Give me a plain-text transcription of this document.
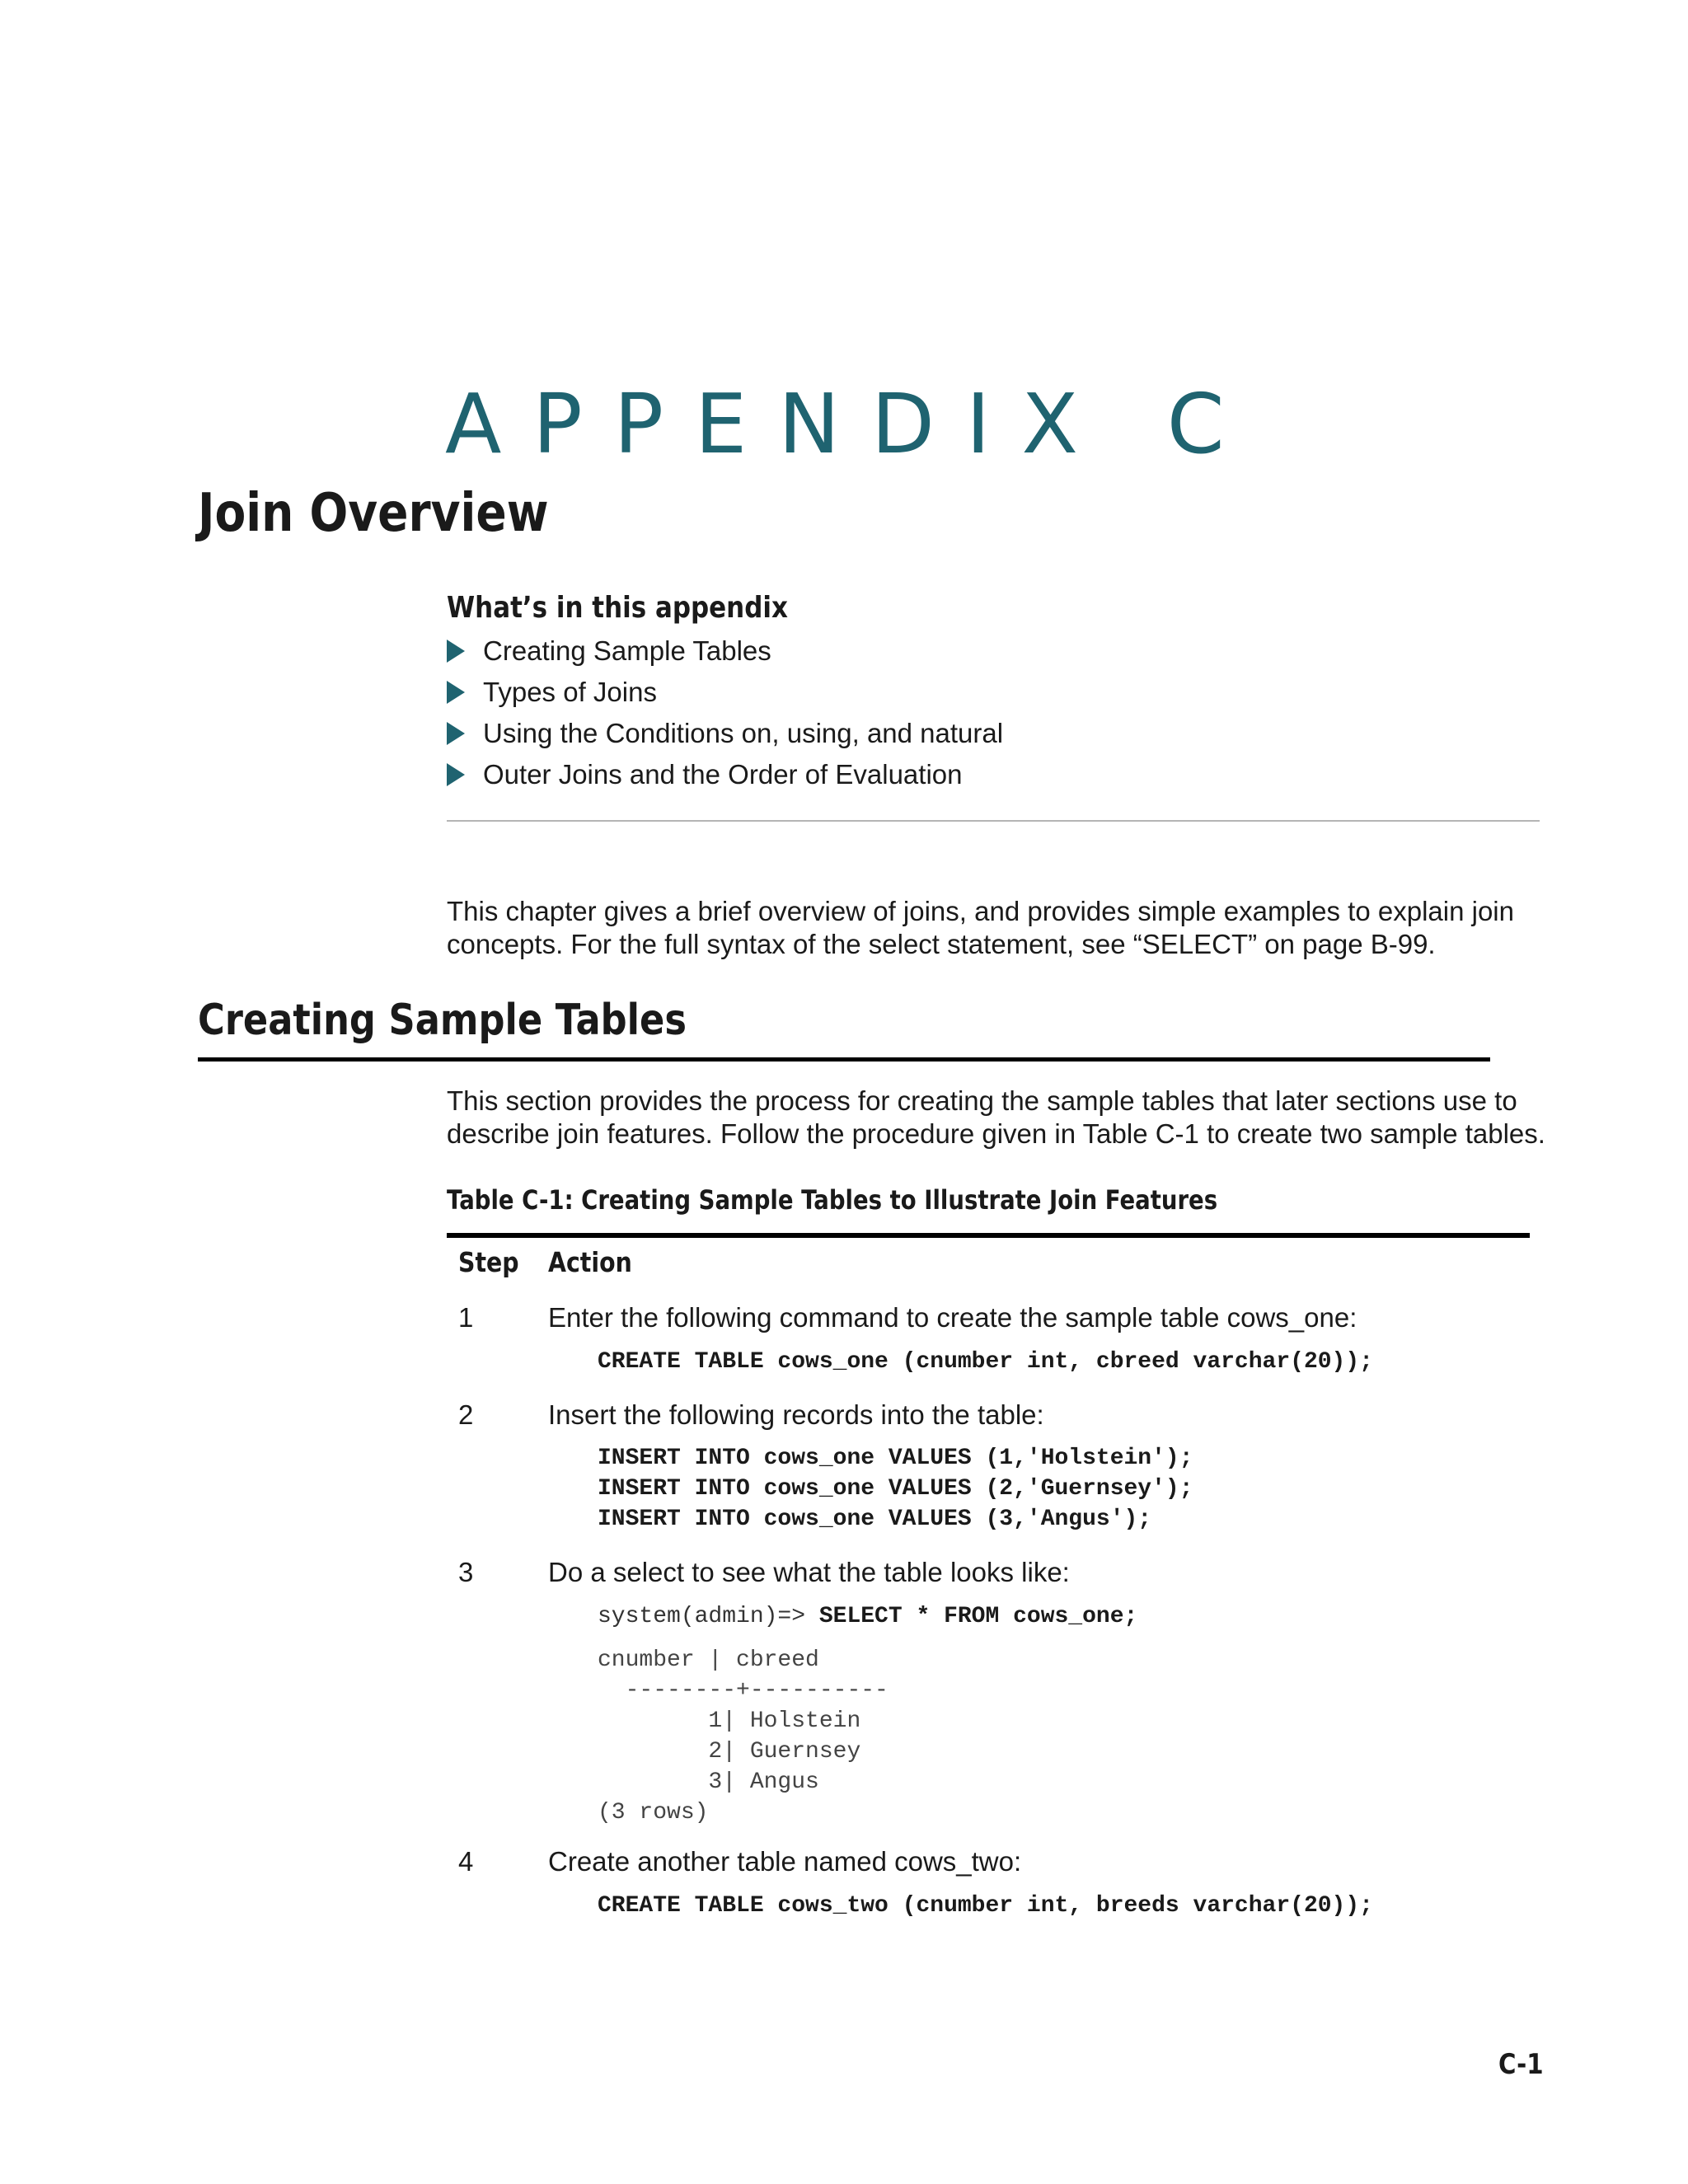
APPENDIX C
Join Overview
What’s in this appendix
Creating Sample Tables
Types of Joins
Using the Conditions on, using, and natural
Outer Joins and the Order of Evaluation
This chapter gives a brief overview of joins, and provides simple examples to explain join
concepts. For the full syntax of the select statement, see “SELECT” on page B-99.
Creating Sample Tables
This section provides the process for creating the sample tables that later sections use to
describe join features. Follow the procedure given in Table C-1 to create two sample tables.
Table C-1: Creating Sample Tables to Illustrate Join Features
Step Action
1	Enter the following command to create the sample table cows_one:
CREATE TABLE cows_one (cnumber int, cbreed varchar(20));
2	Insert the following records into the table:
INSERT INTO cows_one VALUES (1,'Holstein');
INSERT INTO cows_one VALUES (2,'Guernsey');
INSERT INTO cows_one VALUES (3,'Angus');
3	Do a select to see what the table looks like:
system(admin)=> SELECT * FROM cows_one;
cnumber | cbreed
--------+----------
1| Holstein
2| Guernsey
3| Angus
(3 rows)
4	Create another table named cows_two:
CREATE TABLE cows_two (cnumber int, breeds varchar(20));
C-1
